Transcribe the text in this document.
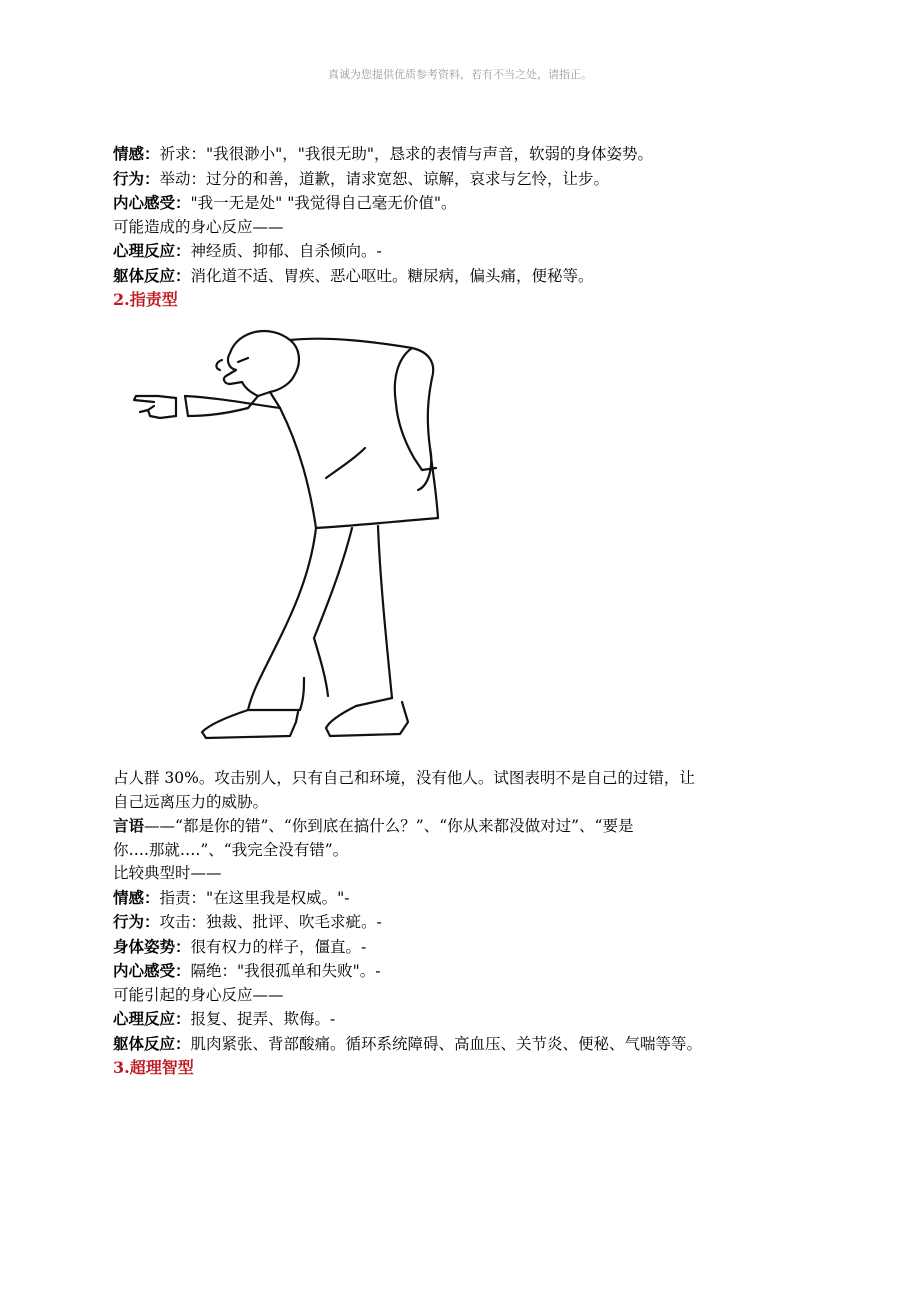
真诚为您提供优质参考资料，若有不当之处，请指正。
情感：祈求："我很渺小"，"我很无助"，恳求的表情与声音，软弱的身体姿势。
行为：举动：过分的和善，道歉，请求宽恕、谅解，哀求与乞怜，让步。
内心感受："我一无是处" "我觉得自己毫无价值"。
可能造成的身心反应——
心理反应：神经质、抑郁、自杀倾向。-
躯体反应：消化道不适、胃疾、恶心呕吐。糖尿病，偏头痛，便秘等。
2.指责型
占人群 30%。攻击别人，只有自己和环境，没有他人。试图表明不是自己的过错，让
自己远离压力的威胁。
言语——“都是你的错”、“你到底在搞什么？”、“你从来都没做对过”、“要是
你….那就….”、“我完全没有错”。
比较典型时——
情感：指责："在这里我是权威。"-
行为：攻击：独裁、批评、吹毛求疵。-
身体姿势：很有权力的样子，僵直。-
内心感受：隔绝："我很孤单和失败"。-
可能引起的身心反应——
心理反应：报复、捉弄、欺侮。-
躯体反应：肌肉紧张、背部酸痛。循环系统障碍、高血压、关节炎、便秘、气喘等等。
3.超理智型
